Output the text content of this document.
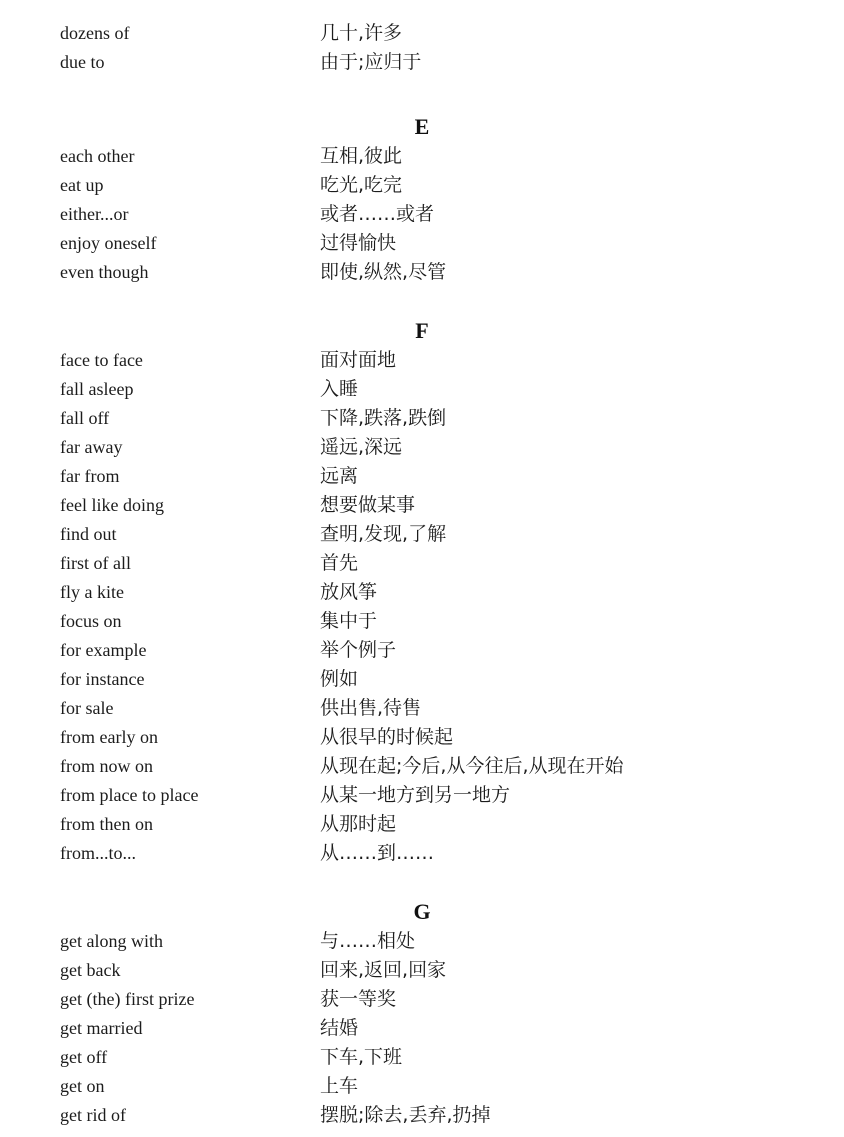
dozens of	几十,许多
due to	由于;应归于
E
each other	互相,彼此
eat up	吃光,吃完
either...or	或者……或者
enjoy oneself	过得愉快
even though	即使,纵然,尽管
F
face to face	面对面地
fall asleep	入睡
fall off	下降,跌落,跌倒
far away	遥远,深远
far from	远离
feel like doing	想要做某事
find out	查明,发现,了解
first of all	首先
fly a kite	放风筝
focus on	集中于
for example	举个例子
for instance	例如
for sale	供出售,待售
from early on	从很早的时候起
from now on	从现在起;今后,从今往后,从现在开始
from place to place	从某一地方到另一地方
from then on	从那时起
from...to...	从……到……
G
get along with	与……相处
get back	回来,返回,回家
get (the) first prize	获一等奖
get married	结婚
get off	下车,下班
get on	上车
get rid of	摆脱;除去,丢弃,扔掉
